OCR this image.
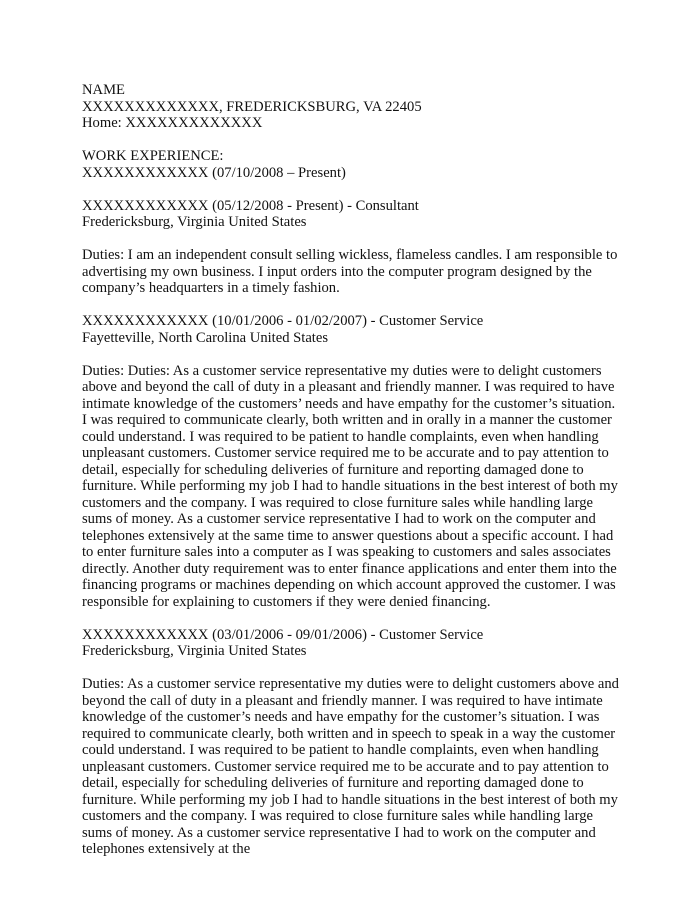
NAME
XXXXXXXXXXXXX, FREDERICKSBURG, VA 22405
Home: XXXXXXXXXXXXX
WORK EXPERIENCE:
XXXXXXXXXXXX (07/10/2008 – Present)
XXXXXXXXXXXX (05/12/2008 - Present) - Consultant
Fredericksburg, Virginia United States

Duties: I am an independent consult selling wickless, flameless candles. I am responsible to advertising my own business. I input orders into the computer program designed by the company’s headquarters in a timely fashion.

XXXXXXXXXXXX (10/01/2006 - 01/02/2007) - Customer Service
Fayetteville, North Carolina United States

Duties: Duties: As a customer service representative my duties were to delight customers above and beyond the call of duty in a pleasant and friendly manner. I was required to have intimate knowledge of the customers’ needs and have empathy for the customer’s situation. I was required to communicate clearly, both written and in orally in a manner the customer could understand. I was required to be patient to handle complaints, even when handling unpleasant customers. Customer service required me to be accurate and to pay attention to detail, especially for scheduling deliveries of furniture and reporting damaged done to furniture. While performing my job I had to handle situations in the best interest of both my customers and the company. I was required to close furniture sales while handling large sums of money. As a customer service representative I had to work on the computer and telephones extensively at the same time to answer questions about a specific account. I had to enter furniture sales into a computer as I was speaking to customers and sales associates directly. Another duty requirement was to enter finance applications and enter them into the financing programs or machines depending on which account approved the customer. I was responsible for explaining to customers if they were denied financing.

XXXXXXXXXXXX (03/01/2006 - 09/01/2006) - Customer Service
Fredericksburg, Virginia United States

Duties: As a customer service representative my duties were to delight customers above and beyond the call of duty in a pleasant and friendly manner. I was required to have intimate knowledge of the customer’s needs and have empathy for the customer’s situation. I was required to communicate clearly, both written and in speech to speak in a way the customer could understand. I was required to be patient to handle complaints, even when handling unpleasant customers. Customer service required me to be accurate and to pay attention to detail, especially for scheduling deliveries of furniture and reporting damaged done to furniture. While performing my job I had to handle situations in the best interest of both my customers and the company. I was required to close furniture sales while handling large sums of money. As a customer service representative I had to work on the computer and telephones extensively at the
